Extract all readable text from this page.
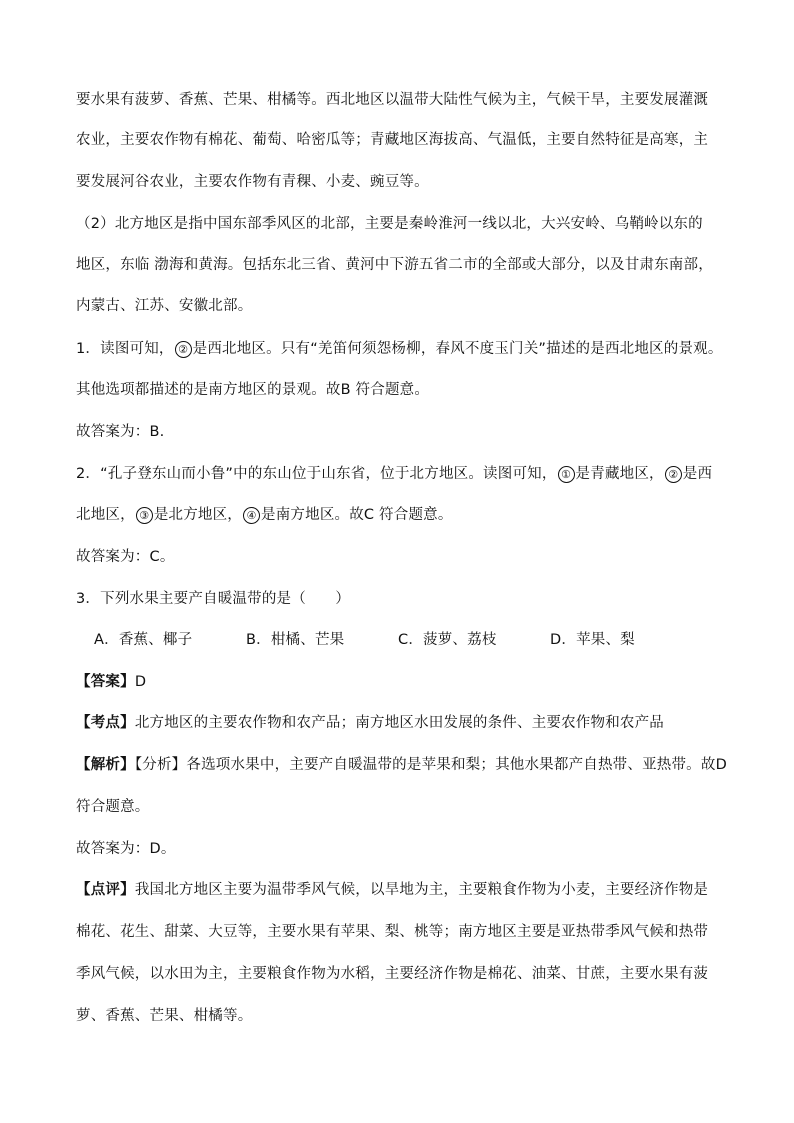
要水果有菠萝、香蕉、芒果、柑橘等。西北地区以温带大陆性气候为主，气候干旱，主要发展灌溉
农业，主要农作物有棉花、葡萄、哈密瓜等；青藏地区海拔高、气温低，主要自然特征是高寒，主
要发展河谷农业，主要农作物有青稞、小麦、豌豆等。
（2）北方地区是指中国东部季风区的北部，主要是秦岭淮河一线以北，大兴安岭、乌鞘岭以东的
地区，东临 渤海和黄海。包括东北三省、黄河中下游五省二市的全部或大部分，以及甘肃东南部，
内蒙古、江苏、安徽北部。
1．读图可知， ② 是西北地区。只有“羌笛何须怨杨柳，春风不度玉门关”描述的是西北地区的景观。
其他选项都描述的是南方地区的景观。故B 符合题意。
故答案为：B.
2．“孔子登东山而小鲁”中的东山位于山东省，位于北方地区。读图可知， ① 是青藏地区， ② 是西
北地区， ③ 是北方地区， ④ 是南方地区。故C 符合题意。
故答案为：C。
3．下列水果主要产自暖温带的是（　　）
A．香蕉、椰子	B．柑橘、芒果	C．菠萝、荔枝	D．苹果、梨
【答案】D
【考点】北方地区的主要农作物和农产品；南方地区水田发展的条件、主要农作物和农产品
【解析】【分析】各选项水果中，主要产自暖温带的是苹果和梨；其他水果都产自热带、亚热带。故D
符合题意。
故答案为：D。
【点评】我国北方地区主要为温带季风气候，以旱地为主，主要粮食作物为小麦，主要经济作物是
棉花、花生、甜菜、大豆等，主要水果有苹果、梨、桃等；南方地区主要是亚热带季风气候和热带
季风气候，以水田为主，主要粮食作物为水稻，主要经济作物是棉花、油菜、甘蔗，主要水果有菠
萝、香蕉、芒果、柑橘等。
